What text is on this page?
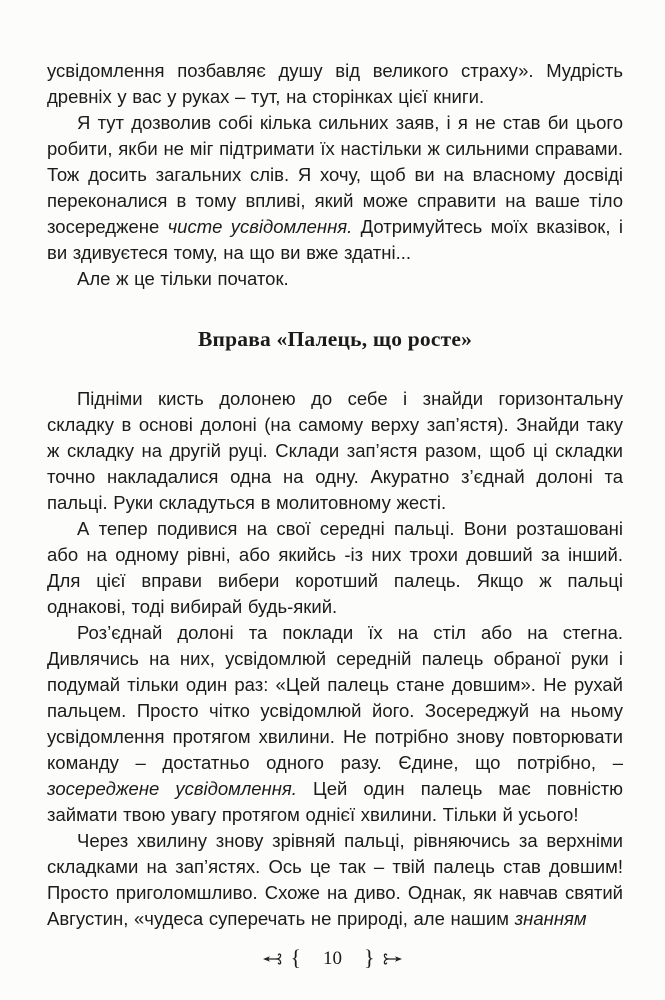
усвідомлення позбавляє душу від великого страху». Мудрість древніх у вас у руках – тут, на сторінках цієї книги.

Я тут дозволив собі кілька сильних заяв, і я не став би цього робити, якби не міг підтримати їх настільки ж сильними справами. Тож досить загальних слів. Я хочу, щоб ви на власному досвіді переконалися в тому впливі, який може справити на ваше тіло зосереджене чисте усвідомлення. Дотримуйтесь моїх вказівок, і ви здивуєтеся тому, на що ви вже здатні...

Але ж це тільки початок.

Вправа «Палець, що росте»

Підніми кисть долонею до себе і знайди горизонтальну складку в основі долоні (на самому верху зап’ястя). Знайди таку ж складку на другій руці. Склади зап’ястя разом, щоб ці складки точно накладалися одна на одну. Акуратно з’єднай долоні та пальці. Руки складуться в молитовному жесті.

А тепер подивися на свої середні пальці. Вони розташовані або на одному рівні, або якийсь -із них трохи довший за інший. Для цієї вправи вибери коротший палець. Якщо ж пальці однакові, тоді вибирай будь-який.

Роз’єднай долоні та поклади їх на стіл або на стегна. Дивлячись на них, усвідомлюй середній палець обраної руки і подумай тільки один раз: «Цей палець стане довшим». Не рухай пальцем. Просто чітко усвідомлюй його. Зосереджуй на ньому усвідомлення протягом хвилини. Не потрібно знову повторювати команду – достатньо одного разу. Єдине, що потрібно, – зосереджене усвідомлення. Цей один палець має повністю займати твою увагу протягом однієї хвилини. Тільки й усього!

Через хвилину знову зрівняй пальці, рівняючись за верхніми складками на зап’ястях. Ось це так – твій палець став довшим! Просто приголомшливо. Схоже на диво. Однак, як навчав святий Августин, «чудеса суперечать не природі, але нашим знанням

{ 10 }
